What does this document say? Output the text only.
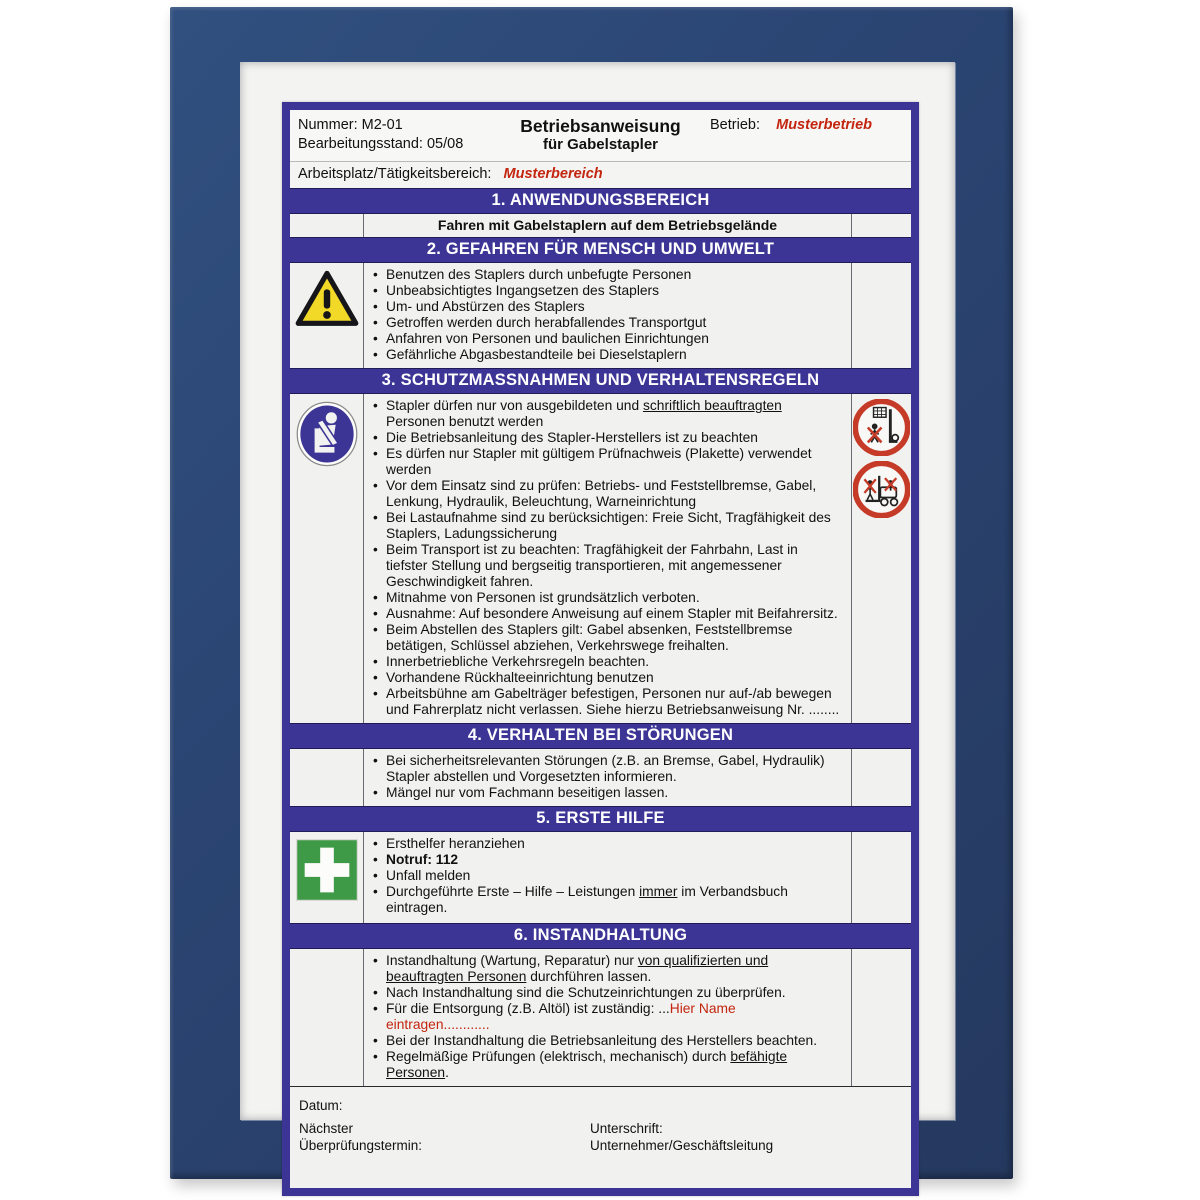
Nummer: M2-01
Bearbeitungsstand: 05/08
Betriebsanweisung
für Gabelstapler
Betrieb: Musterbetrieb
Arbeitsplatz/Tätigkeitsbereich: Musterbereich
1. ANWENDUNGSBEREICH
Fahren mit Gabelstaplern auf dem Betriebsgelände
2. GEFAHREN FÜR MENSCH UND UMWELT
• Benutzen des Staplers durch unbefugte Personen
• Unbeabsichtigtes Ingangsetzen des Staplers
• Um- und Abstürzen des Staplers
• Getroffen werden durch herabfallendes Transportgut
• Anfahren von Personen und baulichen Einrichtungen
• Gefährliche Abgasbestandteile bei Dieselstaplern
3. SCHUTZMASSNAHMEN UND VERHALTENSREGELN
• Stapler dürfen nur von ausgebildeten und schriftlich beauftragten Personen benutzt werden
• Die Betriebsanleitung des Stapler-Herstellers ist zu beachten
• Es dürfen nur Stapler mit gültigem Prüfnachweis (Plakette) verwendet werden
• Vor dem Einsatz sind zu prüfen: Betriebs- und Feststellbremse, Gabel, Lenkung, Hydraulik, Beleuchtung, Warneinrichtung
• Bei Lastaufnahme sind zu berücksichtigen: Freie Sicht, Tragfähigkeit des Staplers, Ladungssicherung
• Beim Transport ist zu beachten: Tragfähigkeit der Fahrbahn, Last in tiefster Stellung und bergseitig transportieren, mit angemessener Geschwindigkeit fahren.
• Mitnahme von Personen ist grundsätzlich verboten.
• Ausnahme: Auf besondere Anweisung auf einem Stapler mit Beifahrersitz.
• Beim Abstellen des Staplers gilt: Gabel absenken, Feststellbremse betätigen, Schlüssel abziehen, Verkehrswege freihalten.
• Innerbetriebliche Verkehrsregeln beachten.
• Vorhandene Rückhalteeinrichtung benutzen
• Arbeitsbühne am Gabelträger befestigen, Personen nur auf-/ab bewegen und Fahrerplatz nicht verlassen. Siehe hierzu Betriebsanweisung Nr. ........
4. VERHALTEN BEI STÖRUNGEN
• Bei sicherheitsrelevanten Störungen (z.B. an Bremse, Gabel, Hydraulik) Stapler abstellen und Vorgesetzten informieren.
• Mängel nur vom Fachmann beseitigen lassen.
5. ERSTE HILFE
• Ersthelfer heranziehen
• Notruf: 112
• Unfall melden
• Durchgeführte Erste – Hilfe – Leistungen immer im Verbandsbuch eintragen.
6. INSTANDHALTUNG
• Instandhaltung (Wartung, Reparatur) nur von qualifizierten und beauftragten Personen durchführen lassen.
• Nach Instandhaltung sind die Schutzeinrichtungen zu überprüfen.
• Für die Entsorgung (z.B. Altöl) ist zuständig: ...Hier Name eintragen............
• Bei der Instandhaltung die Betriebsanleitung des Herstellers beachten.
• Regelmäßige Prüfungen (elektrisch, mechanisch) durch befähigte Personen.
Datum:
Nächster
Überprüfungstermin:
Unterschrift:
Unternehmer/Geschäftsleitung
